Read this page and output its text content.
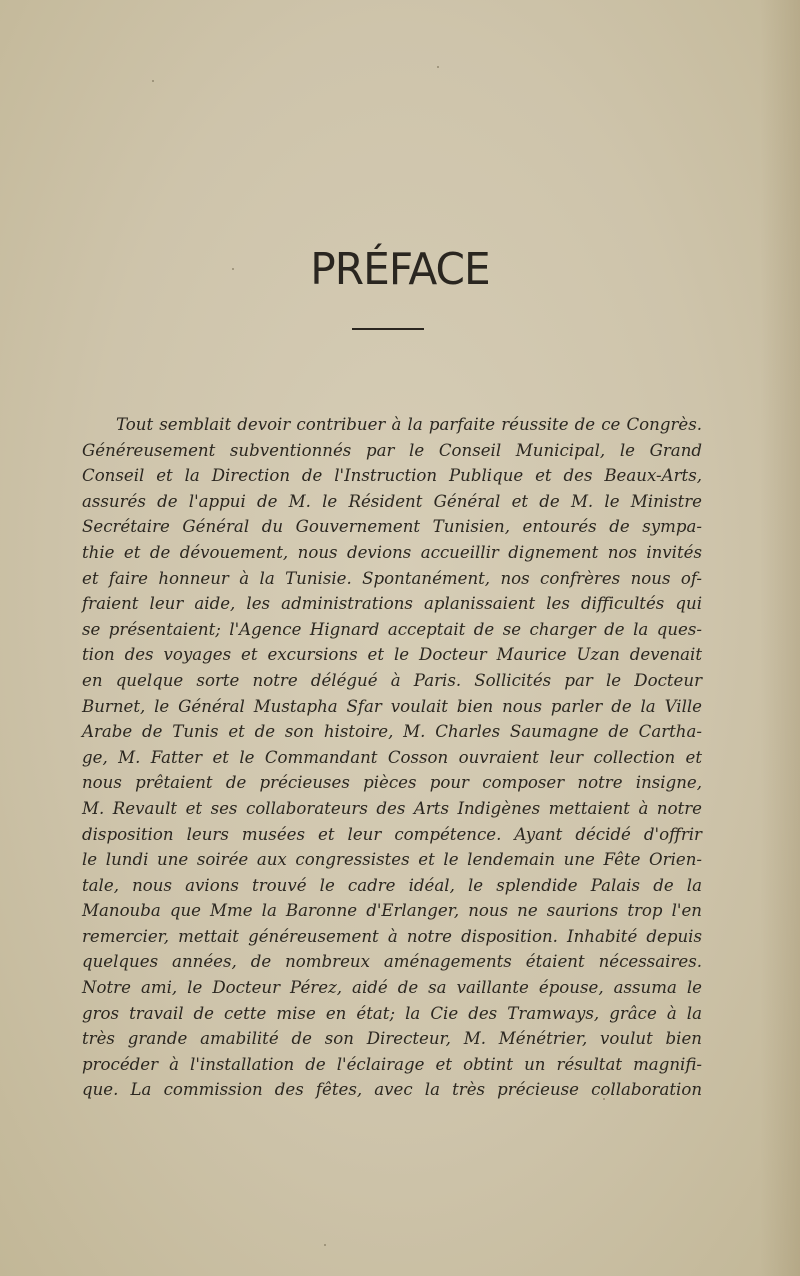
PRÉFACE
Tout semblait devoir contribuer à la parfaite réussite de ce Congrès.
Généreusement subventionnés par le Conseil Municipal, le Grand
Conseil et la Direction de l'Instruction Publique et des Beaux-Arts,
assurés de l'appui de M. le Résident Général et de M. le Ministre
Secrétaire Général du Gouvernement Tunisien, entourés de sympa-
thie et de dévouement, nous devions accueillir dignement nos invités
et faire honneur à la Tunisie. Spontanément, nos confrères nous of-
fraient leur aide, les administrations aplanissaient les difficultés qui
se présentaient; l'Agence Hignard acceptait de se charger de la ques-
tion des voyages et excursions et le Docteur Maurice Uzan devenait
en quelque sorte notre délégué à Paris. Sollicités par le Docteur
Burnet, le Général Mustapha Sfar voulait bien nous parler de la Ville
Arabe de Tunis et de son histoire, M. Charles Saumagne de Cartha-
ge, M. Fatter et le Commandant Cosson ouvraient leur collection et
nous prêtaient de précieuses pièces pour composer notre insigne,
M. Revault et ses collaborateurs des Arts Indigènes mettaient à notre
disposition leurs musées et leur compétence. Ayant décidé d'offrir
le lundi une soirée aux congressistes et le lendemain une Fête Orien-
tale, nous avions trouvé le cadre idéal, le splendide Palais de la
Manouba que Mme la Baronne d'Erlanger, nous ne saurions trop l'en
remercier, mettait généreusement à notre disposition. Inhabité depuis
quelques années, de nombreux aménagements étaient nécessaires.
Notre ami, le Docteur Pérez, aidé de sa vaillante épouse, assuma le
gros travail de cette mise en état; la Cie des Tramways, grâce à la
très grande amabilité de son Directeur, M. Ménétrier, voulut bien
procéder à l'installation de l'éclairage et obtint un résultat magnifi-
que. La commission des fêtes, avec la très précieuse collaboration
